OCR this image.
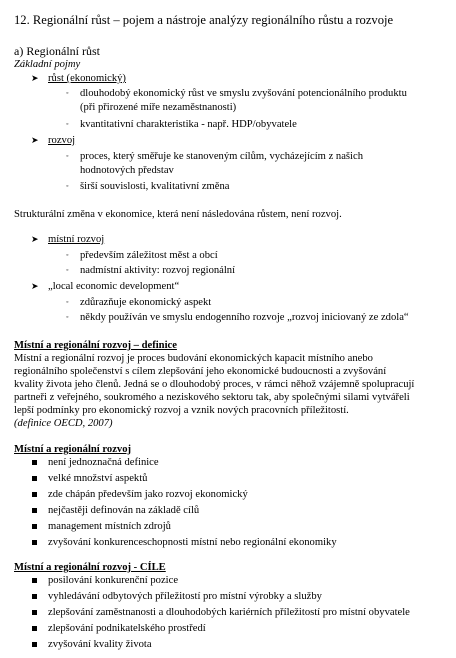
12. Regionální růst – pojem a nástroje analýzy regionálního růstu a rozvoje
a) Regionální růst
Základní pojmy
➤ růst (ekonomický)
◦ dlouhodobý ekonomický růst ve smyslu zvyšování potencionálního produktu
(při přirozené míře nezaměstnanosti)
◦ kvantitativní charakteristika - např. HDP/obyvatele
➤ rozvoj
◦ proces, který směřuje ke stanoveným cílům, vycházejícím z našich
hodnotových představ
◦ širší souvislosti, kvalitativní změna
Strukturální změna v ekonomice, která není následována růstem, není rozvoj.
➤ místní rozvoj
◦ především záležitost měst a obcí
◦ nadmístní aktivity: rozvoj regionální
➤ „local economic development“
◦ zdůrazňuje ekonomický aspekt
◦ někdy používán ve smyslu endogenního rozvoje „rozvoj iniciovaný ze zdola“
Místní a regionální rozvoj – definice
Místní a regionální rozvoj je proces budování ekonomických kapacit místního anebo
regionálního společenství s cílem zlepšování jeho ekonomické budoucnosti a zvyšování
kvality života jeho členů. Jedná se o dlouhodobý proces, v rámci něhož vzájemně spolupracují
partneři z veřejného, soukromého a neziskového sektoru tak, aby společnými silami vytvářeli
lepší podmínky pro ekonomický rozvoj a vznik nových pracovních příležitostí.
(definice OECD, 2007)
Místní a regionální rozvoj
není jednoznačná definice
velké množství aspektů
zde chápán především jako rozvoj ekonomický
nejčastěji definován na základě cílů
management místních zdrojů
zvyšování konkurenceschopnosti místní nebo regionální ekonomiky
Místní a regionální rozvoj - CÍLE
posilování konkurenční pozice
vyhledávání odbytových příležitostí pro místní výrobky a služby
zlepšování zaměstnanosti a dlouhodobých kariérních příležitostí pro místní obyvatele
zlepšování podnikatelského prostředí
zvyšování kvality života
